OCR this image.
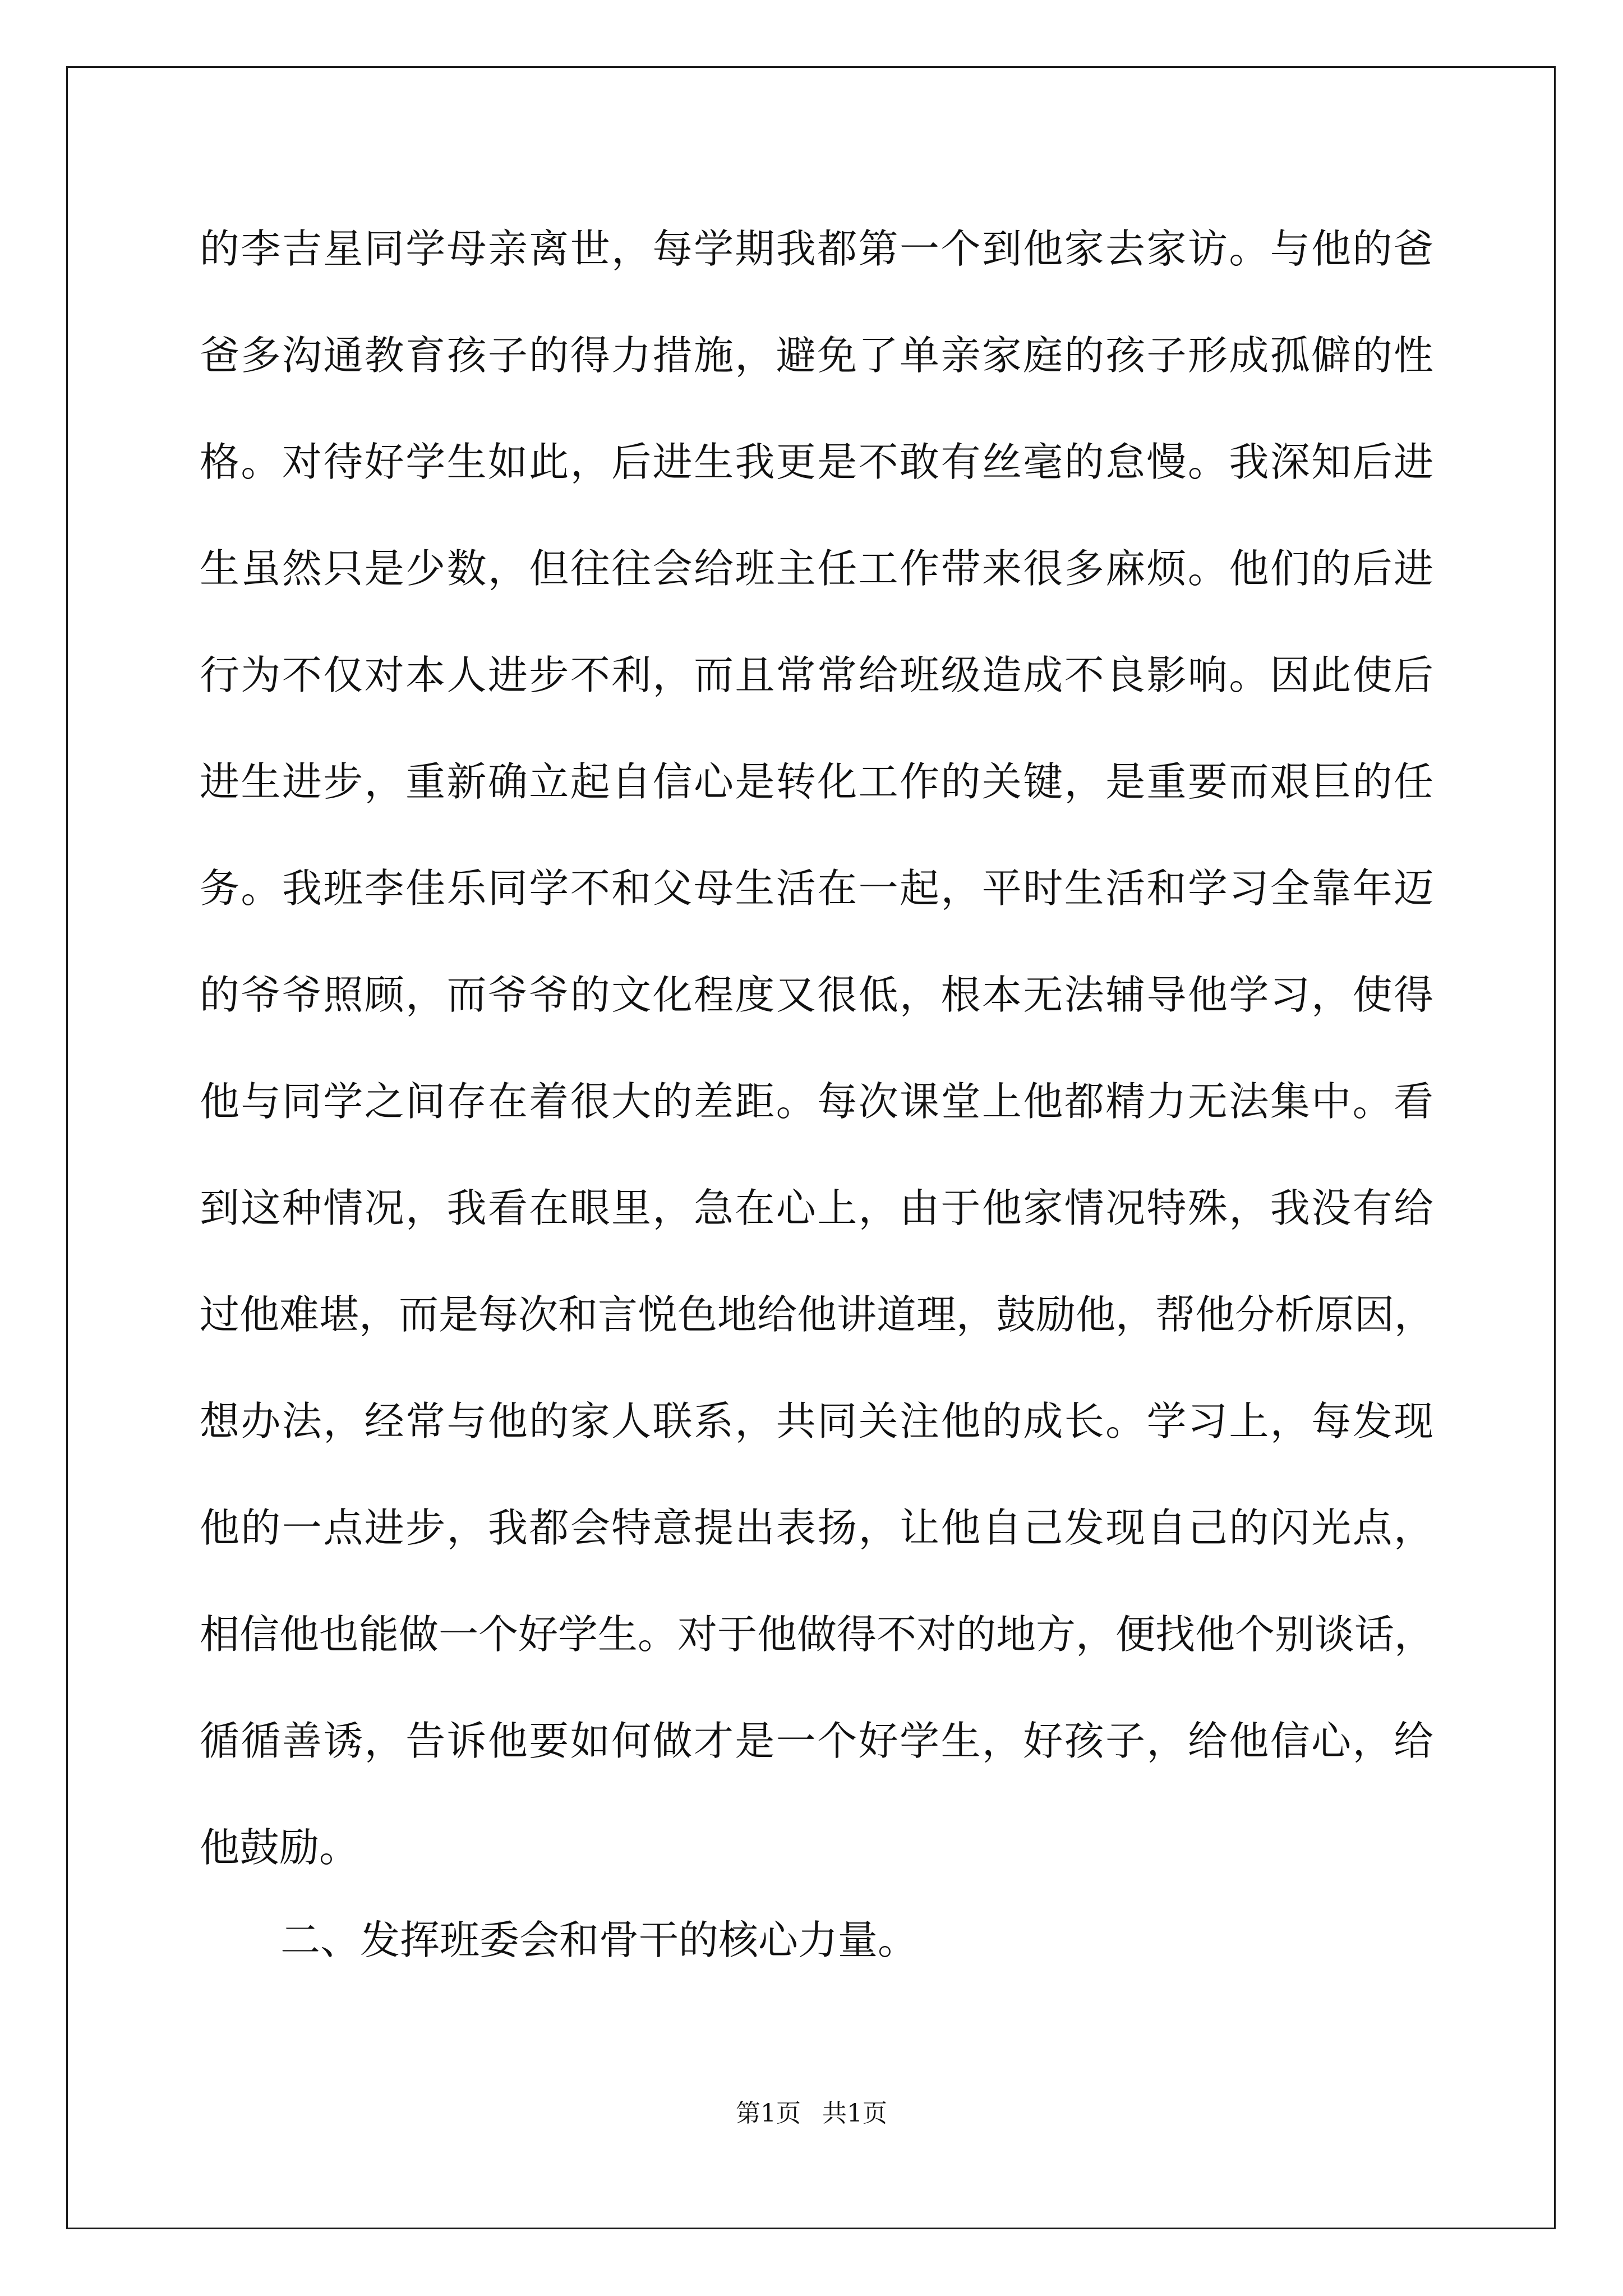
的李吉星同学母亲离世，每学期我都第一个到他家去家访。与他的爸
爸多沟通教育孩子的得力措施，避免了单亲家庭的孩子形成孤僻的性
格。对待好学生如此，后进生我更是不敢有丝毫的怠慢。我深知后进
生虽然只是少数，但往往会给班主任工作带来很多麻烦。他们的后进
行为不仅对本人进步不利，而且常常给班级造成不良影响。因此使后
进生进步，重新确立起自信心是转化工作的关键，是重要而艰巨的任
务。我班李佳乐同学不和父母生活在一起，平时生活和学习全靠年迈
的爷爷照顾，而爷爷的文化程度又很低，根本无法辅导他学习，使得
他与同学之间存在着很大的差距。每次课堂上他都精力无法集中。看
到这种情况，我看在眼里，急在心上，由于他家情况特殊，我没有给
过他难堪，而是每次和言悦色地给他讲道理，鼓励他，帮他分析原因，
想办法，经常与他的家人联系，共同关注他的成长。学习上，每发现
他的一点进步，我都会特意提出表扬，让他自己发现自己的闪光点，
相信他也能做一个好学生。对于他做得不对的地方，便找他个别谈话，
循循善诱，告诉他要如何做才是一个好学生，好孩子，给他信心，给
他鼓励。

二、发挥班委会和骨干的核心力量。

第1页 共1页
